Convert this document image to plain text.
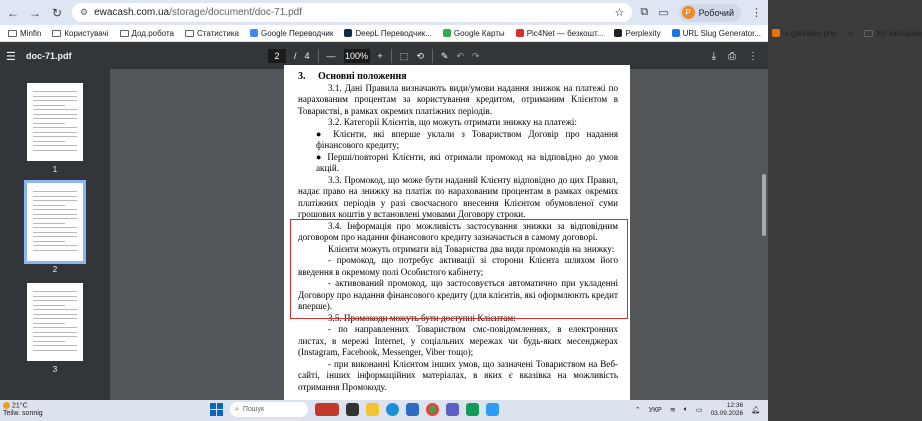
← → ↻ ⚙ ewacash.com.ua/storage/document/doc-71.pdf	☆ ⧉ ▭	Р Робочий ⋮
Minfin	Користувачі	Дод.робота	Статистика	Google Переводчик	DeepL Переводчик...	Google Карты	Pic4Net — безкошт...	Perplexity	URL Slug Generator...	is.gd/index.php »	Усі закладки
☰	doc-71.pdf	2	/ 4 — 100% + ⬚ ⟲ ✎ ↶ ↷	⤓ ⎙ ⋮
1
2
3

3. Основні положення

3.1. Дані Правила визначають види/умови надання знижок на платежі по нарахованим процентам за користування кредитом, отриманим Клієнтом в Товаристві, в рамках окремих платіжних періодів.

3.2. Категорії Клієнтів, що можуть отримати знижку на платежі:

● Клієнти, які вперше уклали з Товариством Договір про надання фінансового кредиту;

● Перші/повторні Клієнти, які отримали промокод на відповідно до умов акцій.

3.3. Промокод, що може бути наданий Клієнту відповідно до цих Правил, надає право на знижку на платіж по нарахованим процентам в рамках окремих платіжних періодів у разі своєчасного внесення Клієнтом обумовленої суми грошових коштів у встановлені умовами Договору строки.

3.4. Інформація про можливість застосування знижки за відповідним договором про надання фінансового кредиту зазначається в самому договорі.

Клієнти можуть отримати від Товариства два види промокодів на знижку:

- промокод, що потребує активації зі сторони Клієнта шляхом його введення в окремому полі Особистого кабінету;

- активований промокод, що застосовується автоматично при укладенні Договору про надання фінансового кредиту (для клієнтів, які оформлюють кредит вперше).

3.5. Промокоди можуть бути доступні Клієнтам:

- по направленних Товариством смс-повідомленнях, в електронних листах, в мережі Internet, у соціальних мережах чи будь-яких месенджерах (Instagram, Facebook, Messenger, Viber тощо);

- при виконанні Клієнтом інших умов, що зазначені Товариством на Веб-сайті, інших інформаційних матеріалах, в яких є вказівка на можливість отримання Промокоду.

21°C
Teilw. sonnig
⌕ Пошук	⌃ УКР ≋ 🔈︎ ▭
12:36
03.09.2026 🔔︎
